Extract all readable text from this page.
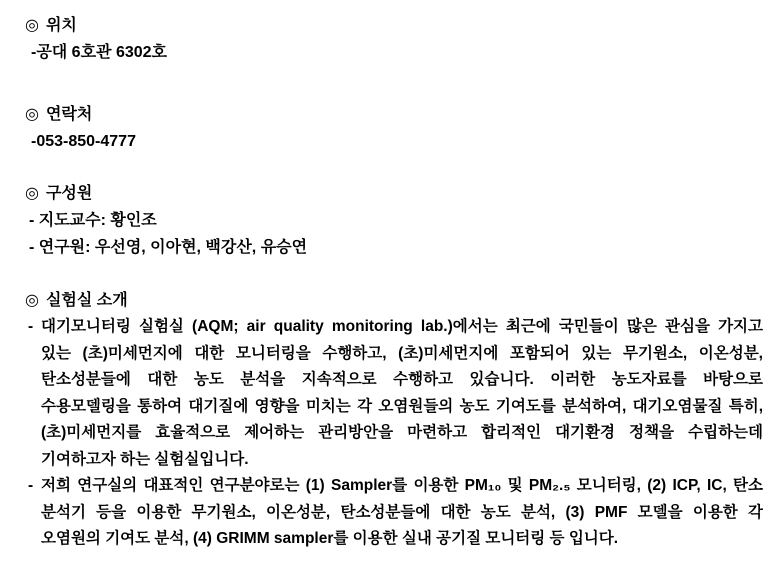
◎ 위치
-공대 6호관 6302호
◎ 연락처
-053-850-4777
◎ 구성원
- 지도교수: 황인조
- 연구원: 우선영, 이아현, 백강산, 유승연
◎ 실험실 소개
- 대기모니터링 실험실 (AQM; air quality monitoring lab.)에서는 최근에 국민들이 많은 관심을 가지고
있는 (초)미세먼지에 대한 모니터링을 수행하고, (초)미세먼지에 포함되어 있는 무기원소, 이온성분,
탄소성분들에 대한 농도 분석을 지속적으로 수행하고 있습니다. 이러한 농도자료를 바탕으로
수용모델링을 통하여 대기질에 영향을 미치는 각 오염원들의 농도 기여도를 분석하여, 대기오염물질 특히,
(초)미세먼지를 효율적으로 제어하는 관리방안을 마련하고 합리적인 대기환경 정책을 수립하는데
기여하고자 하는 실험실입니다.
- 저희 연구실의 대표적인 연구분야로는 (1) Sampler를 이용한 PM₁₀ 및 PM₂.₅ 모니터링, (2) ICP, IC, 탄소
분석기 등을 이용한 무기원소, 이온성분, 탄소성분들에 대한 농도 분석, (3) PMF 모델을 이용한 각
오염원의 기여도 분석, (4) GRIMM sampler를 이용한 실내 공기질 모니터링 등 입니다.
